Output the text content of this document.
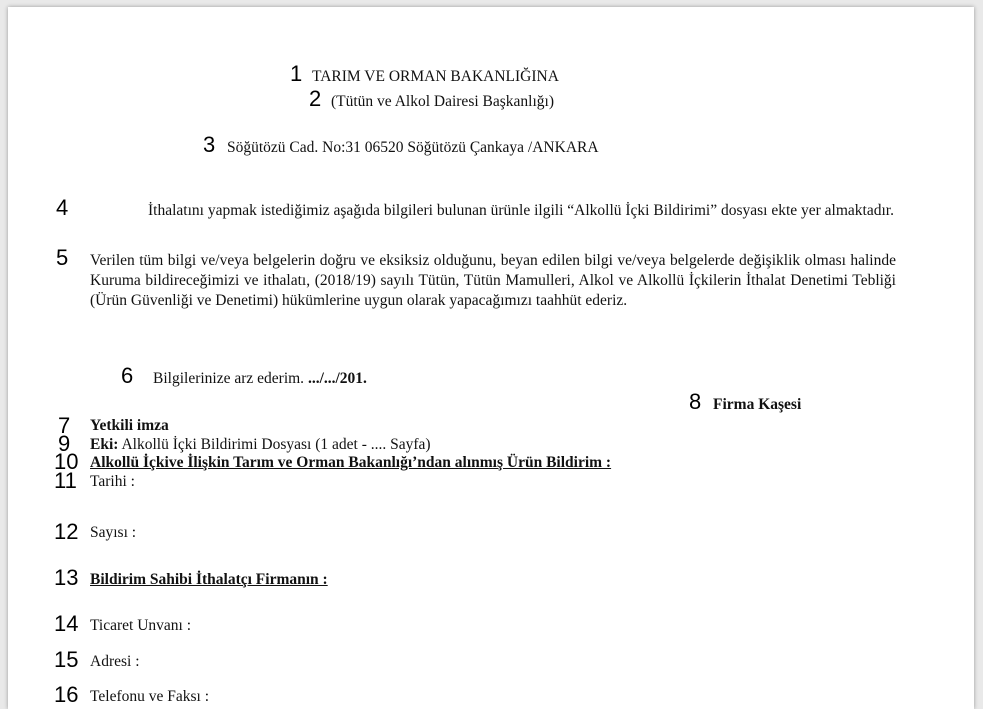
1 TARIM VE ORMAN BAKANLIĞINA
2 (Tütün ve Alkol Dairesi Başkanlığı)
3 Söğütözü Cad. No:31 06520 Söğütözü Çankaya /ANKARA
4	İthalatını yapmak istediğimiz aşağıda bilgileri bulunan ürünle ilgili “Alkollü İçki Bildirimi” dosyası ekte yer almaktadır.
5 Verilen tüm bilgi ve/veya belgelerin doğru ve eksiksiz olduğunu, beyan edilen bilgi ve/veya belgelerde değişiklik olması halinde Kuruma bildireceğimizi ve ithalatı, (2018/19) sayılı Tütün, Tütün Mamulleri, Alkol ve Alkollü İçkilerin İthalat Denetimi Tebliği (Ürün Güvenliği ve Denetimi) hükümlerine uygun olarak yapacağımızı taahhüt ederiz.
6 Bilgilerinize arz ederim. .../.../201.
8 Firma Kaşesi
7 Yetkili imza
9 Eki: Alkollü İçki Bildirimi Dosyası (1 adet - .... Sayfa)
10 Alkollü İçkive İlişkin Tarım ve Orman Bakanlığı’ndan alınmış Ürün Bildirim :
11 Tarihi :
12 Sayısı :
13 Bildirim Sahibi İthalatçı Firmanın :
14 Ticaret Unvanı :
15 Adresi :
16 Telefonu ve Faksı :
